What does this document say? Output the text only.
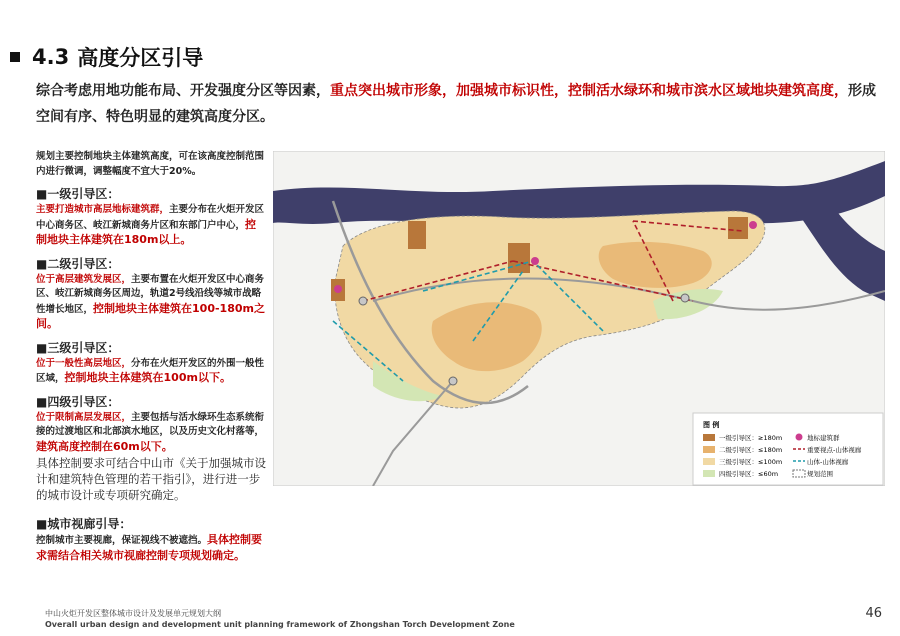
4.3 高度分区引导
综合考虑用地功能布局、开发强度分区等因素，重点突出城市形象，加强城市标识性，控制活水绿环和城市滨水区域地块建筑高度，形成空间有序、特色明显的建筑高度分区。

规划主要控制地块主体建筑高度，可在该高度控制范围内进行微调，调整幅度不宜大于20%。

■一级引导区：

主要打造城市高层地标建筑群，主要分布在火炬开发区中心商务区、岐江新城商务片区和东部门户中心，控制地块主体建筑在180m以上。

■二级引导区：

位于高层建筑发展区，主要布置在火炬开发区中心商务区、岐江新城商务区周边，轨道2号线沿线等城市战略性增长地区，控制地块主体建筑在100-180m之间。

■三级引导区：

位于一般性高层地区，分布在火炬开发区的外围一般性区域，控制地块主体建筑在100m以下。

■四级引导区：

位于限制高层发展区，主要包括与活水绿环生态系统衔接的过渡地区和北部滨水地区，以及历史文化村落等，建筑高度控制在60m以下。

具体控制要求可结合中山市《关于加强城市设计和建筑特色管理的若干指引》，进行进一步的城市设计或专项研究确定。

■城市视廊引导：

控制城市主要视廊，保证视线不被遮挡。具体控制要求需结合相关城市视廊控制专项规划确定。

图 例
一级引导区：≥180m
二级引导区：≤180m
三级引导区：≤100m
四级引导区：≤60m
地标建筑群
重要视点-山体视廊
山体-山体视廊
规划范围
中山火炬开发区整体城市设计及发展单元规划大纲
Overall urban design and development unit planning framework of Zhongshan Torch Development Zone
46
